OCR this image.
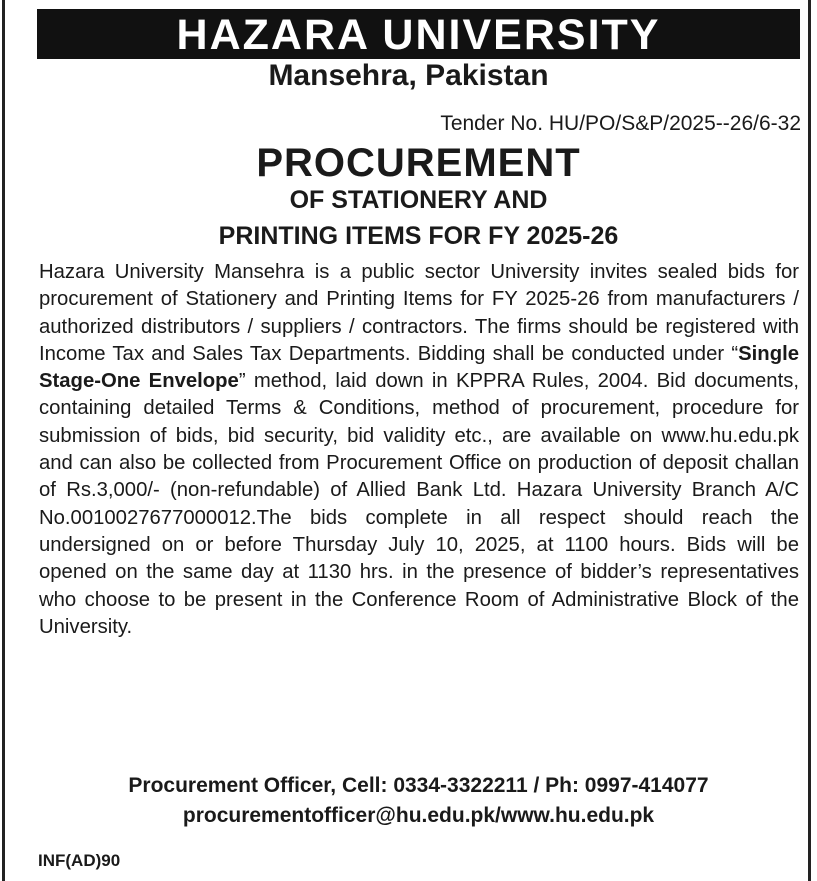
HAZARA UNIVERSITY
Mansehra, Pakistan
Tender No. HU/PO/S&P/2025--26/6-32
PROCUREMENT
OF STATIONERY AND
PRINTING ITEMS FOR FY 2025-26
Hazara University Mansehra is a public sector University invites sealed bids for procurement of Stationery and Printing Items for FY 2025-26 from manufacturers / authorized distributors / suppliers / contractors. The firms should be registered with Income Tax and Sales Tax Departments. Bidding shall be conducted under “Single Stage-One Envelope” method, laid down in KPPRA Rules, 2004. Bid documents, containing detailed Terms & Conditions, method of procurement, procedure for submission of bids, bid security, bid validity etc., are available on www.hu.edu.pk and can also be collected from Procurement Office on production of deposit challan of Rs.3,000/- (non-refundable) of Allied Bank Ltd. Hazara University Branch A/C No.0010027677000012.The bids complete in all respect should reach the undersigned on or before Thursday July 10, 2025, at 1100 hours. Bids will be opened on the same day at 1130 hrs. in the presence of bidder’s representatives who choose to be present in the Conference Room of Administrative Block of the University.
Procurement Officer, Cell: 0334-3322211 / Ph: 0997-414077
procurementofficer@hu.edu.pk/www.hu.edu.pk
INF(AD)90
